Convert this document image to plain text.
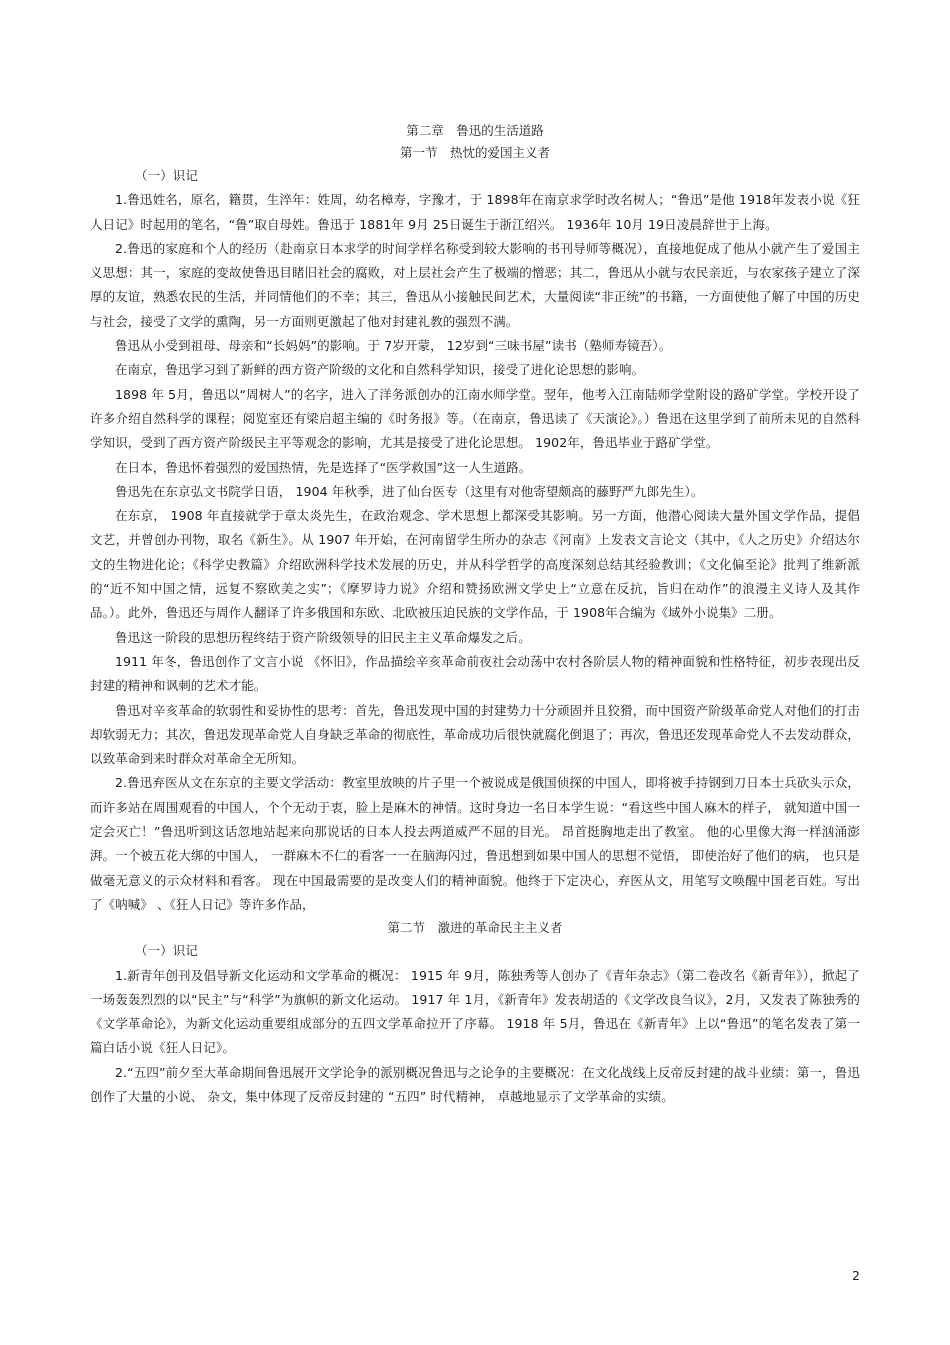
第二章　鲁迅的生活道路

第一节　热忱的爱国主义者

（一）识记

1.鲁迅姓名，原名，籍贯，生淬年：姓周，幼名樟寿，字豫才，于 1898年在南京求学时改名树人；“鲁迅”是他 1918年发表小说《狂人日记》时起用的笔名，“鲁”取自母姓。鲁迅于 1881年 9月 25日诞生于浙江绍兴。 1936年 10月 19日凌晨辞世于上海。

2.鲁迅的家庭和个人的经历（赴南京日本求学的时间学样名称受到较大影响的书刊导师等概况），直接地促成了他从小就产生了爱国主义思想：其一，家庭的变故使鲁迅目睹旧社会的腐败，对上层社会产生了极端的憎恶；其二，鲁迅从小就与农民亲近，与农家孩子建立了深厚的友谊，熟悉农民的生活，并同情他们的不幸；其三，鲁迅从小接触民间艺术，大量阅读“非正统”的书籍，一方面使他了解了中国的历史与社会，接受了文学的熏陶，另一方面则更激起了他对封建礼教的强烈不满。

鲁迅从小受到祖母、母亲和“长妈妈”的影响。于 7岁开蒙， 12岁到“三味书屋”读书（塾师寿镜吾）。

在南京，鲁迅学习到了新鲜的西方资产阶级的文化和自然科学知识，接受了进化论思想的影响。

1898 年 5月，鲁迅以“周树人”的名字，进入了洋务派创办的江南水师学堂。翌年，他考入江南陆师学堂附设的路矿学堂。学校开设了许多介绍自然科学的课程；阅览室还有梁启超主编的《时务报》等。（在南京，鲁迅读了《天演论》。）鲁迅在这里学到了前所未见的自然科学知识，受到了西方资产阶级民主平等观念的影响，尤其是接受了进化论思想。 1902年，鲁迅毕业于路矿学堂。

在日本，鲁迅怀着强烈的爱国热情，先是选择了“医学救国”这一人生道路。

鲁迅先在东京弘文书院学日语， 1904 年秋季，进了仙台医专（这里有对他寄望颇高的藤野严九郎先生）。

在东京， 1908 年直接就学于章太炎先生，在政治观念、学术思想上都深受其影响。另一方面，他潜心阅读大量外国文学作品，提倡文艺，并曾创办刊物，取名《新生》。从 1907 年开始，在河南留学生所办的杂志《河南》上发表文言论文（其中，《人之历史》介绍达尔文的生物进化论；《科学史教篇》介绍欧洲科学技术发展的历史，并从科学哲学的高度深刻总结其经验教训；《文化偏至论》批判了维新派的“近不知中国之情，远复不察欧美之实”；《摩罗诗力说》介绍和赞扬欧洲文学史上“立意在反抗，旨归在动作”的浪漫主义诗人及其作品。）。此外，鲁迅还与周作人翻译了许多俄国和东欧、北欧被压迫民族的文学作品，于 1908年合编为《域外小说集》二册。

鲁迅这一阶段的思想历程终结于资产阶级领导的旧民主主义革命爆发之后。

1911 年冬，鲁迅创作了文言小说 《怀旧》，作品描绘辛亥革命前夜社会动荡中农村各阶层人物的精神面貌和性格特征，初步表现出反封建的精神和讽刺的艺术才能。

鲁迅对辛亥革命的软弱性和妥协性的思考：首先，鲁迅发现中国的封建势力十分顽固并且狡猾，而中国资产阶级革命党人对他们的打击却软弱无力；其次，鲁迅发现革命党人自身缺乏革命的彻底性，革命成功后很快就腐化倒退了；再次，鲁迅还发现革命党人不去发动群众，以致革命到来时群众对革命全无所知。

2.鲁迅弃医从文在东京的主要文学活动：教室里放映的片子里一个被说成是俄国侦探的中国人，即将被手持钢到刀日本士兵砍头示众，而许多站在周围观看的中国人，个个无动于衷，脸上是麻木的神情。这时身边一名日本学生说：“看这些中国人麻木的样子， 就知道中国一定会灭亡！”鲁迅听到这话忽地站起来向那说话的日本人投去两道威严不屈的目光。 昂首挺胸地走出了教室。 他的心里像大海一样汹涌澎湃。一个被五花大绑的中国人， 一群麻木不仁的看客一一在脑海闪过，鲁迅想到如果中国人的思想不觉悟， 即使治好了他们的病， 也只是做毫无意义的示众材料和看客。 现在中国最需要的是改变人们的精神面貌。他终于下定决心，弃医从文，用笔写文唤醒中国老百姓。写出了《呐喊》 、《狂人日记》等许多作品，

第二节　激进的革命民主主义者

（一）识记

1.新青年创刊及倡导新文化运动和文学革命的概况： 1915 年 9月，陈独秀等人创办了《青年杂志》（第二卷改名《新青年》），掀起了一场轰轰烈烈的以“民主”与“科学”为旗帜的新文化运动。 1917 年 1月，《新青年》发表胡适的《文学改良刍议》，2月，又发表了陈独秀的《文学革命论》，为新文化运动重要组成部分的五四文学革命拉开了序幕。 1918 年 5月，鲁迅在《新青年》上以“鲁迅”的笔名发表了第一篇白话小说《狂人日记》。

2.“五四”前夕至大革命期间鲁迅展开文学论争的派别概况鲁迅与之论争的主要概况：在文化战线上反帝反封建的战斗业绩：第一，鲁迅创作了大量的小说、 杂文，集中体现了反帝反封建的 “五四” 时代精神， 卓越地显示了文学革命的实绩。

2
